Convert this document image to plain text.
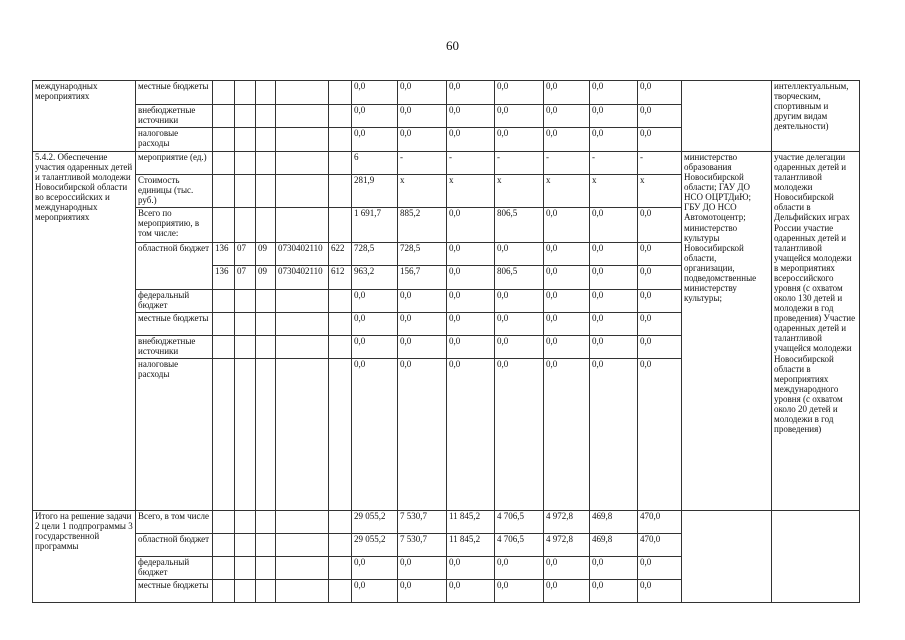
60
международных мероприятиях	местные бюджеты						0,0	0,0	0,0	0,0	0,0	0,0	0,0		интеллектуальным, творческим, спортивным и другим видам деятельности)
	внебюджетные источники						0,0	0,0	0,0	0,0	0,0	0,0	0,0		
	налоговые расходы						0,0	0,0	0,0	0,0	0,0	0,0	0,0		
5.4.2. Обеспечение участия одаренных детей и талантливой молодежи Новосибирской области во всероссийских и международных мероприятиях	мероприятие (ед.)						6	-	-	-	-	-	-	министерство образования Новосибирской области; ГАУ ДО НСО ОЦРТДиЮ; ГБУ ДО НСО Автомотоцентр; министерство культуры Новосибирской области, организации, подведомственные министерству культуры;	участие делегации одаренных детей и талантливой молодежи Новосибирской области в Дельфийских играх России участие одаренных детей и талантливой учащейся молодежи в мероприятиях всероссийского уровня (с охватом около 130 детей и молодежи в год проведения) Участие одаренных детей и талантливой учащейся молодежи Новосибирской области в мероприятиях международного уровня (с охватом около 20 детей и молодежи в год проведения)
	Стоимость единицы (тыс. руб.)						281,9	x	x	x	x	x	x		
	Всего по мероприятию, в том числе:						1 691,7	885,2	0,0	806,5	0,0	0,0	0,0		
	областной бюджет	136	07	09	0730402110	622	728,5	728,5	0,0	0,0	0,0	0,0	0,0		
		136	07	09	0730402110	612	963,2	156,7	0,0	806,5	0,0	0,0	0,0		
	федеральный бюджет						0,0	0,0	0,0	0,0	0,0	0,0	0,0		
	местные бюджеты						0,0	0,0	0,0	0,0	0,0	0,0	0,0		
	внебюджетные источники						0,0	0,0	0,0	0,0	0,0	0,0	0,0		
	налоговые расходы						0,0	0,0	0,0	0,0	0,0	0,0	0,0		
Итого на решение задачи 2 цели 1 подпрограммы 3 государственной программы	Всего, в том числе						29 055,2	7 530,7	11 845,2	4 706,5	4 972,8	469,8	470,0		
	областной бюджет						29 055,2	7 530,7	11 845,2	4 706,5	4 972,8	469,8	470,0		
	федеральный бюджет						0,0	0,0	0,0	0,0	0,0	0,0	0,0		
	местные бюджеты						0,0	0,0	0,0	0,0	0,0	0,0	0,0		
